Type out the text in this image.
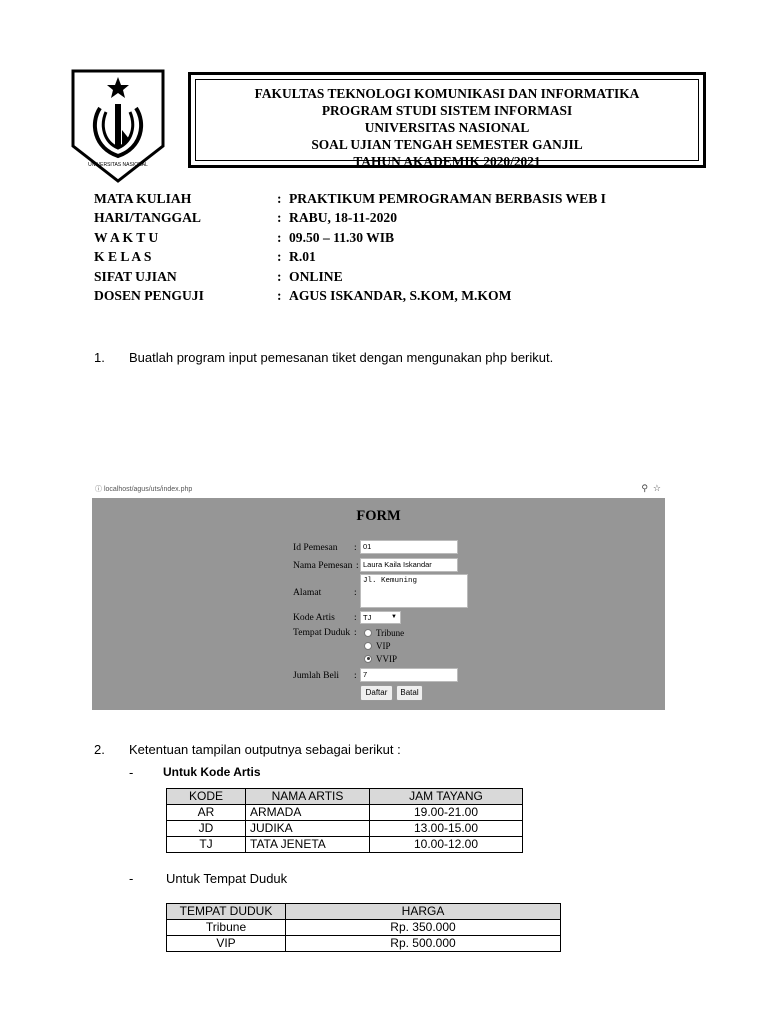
UNIVERSITAS NASIONAL
FAKULTAS TEKNOLOGI KOMUNIKASI DAN INFORMATIKA
PROGRAM STUDI SISTEM INFORMASI
UNIVERSITAS NASIONAL
SOAL UJIAN TENGAH SEMESTER GANJIL
TAHUN AKADEMIK 2020/2021
MATA KULIAH	: PRAKTIKUM PEMROGRAMAN BERBASIS WEB I
HARI/TANGGAL	: RABU, 18-11-2020
W A K T U	: 09.50 – 11.30 WIB
K E L A S	: R.01
SIFAT UJIAN	: ONLINE
DOSEN PENGUJI	: AGUS ISKANDAR, S.KOM, M.KOM
1. Buatlah program input pemesanan tiket dengan mengunakan php berikut.
ⓘ localhost/agus/uts/index.php	⚲ ☆
FORM
Id Pemesan : 01
Nama Pemesan : Laura Kaila Iskandar
Alamat	:
Jl. Kemuning
Kode Artis : TJ	▼
Tempat Duduk :	Tribune
VIP
VVIP
Jumlah Beli : 7
Daftar	Batal
2. Ketentuan tampilan outputnya sebagai berikut :
- Untuk Kode Artis
KODE	NAMA ARTIS	JAM TAYANG
AR	ARMADA	19.00-21.00
JD	JUDIKA	13.00-15.00
TJ	TATA JENETA	10.00-12.00
-	Untuk Tempat Duduk
TEMPAT DUDUK	HARGA
Tribune	Rp. 350.000
VIP	Rp. 500.000
